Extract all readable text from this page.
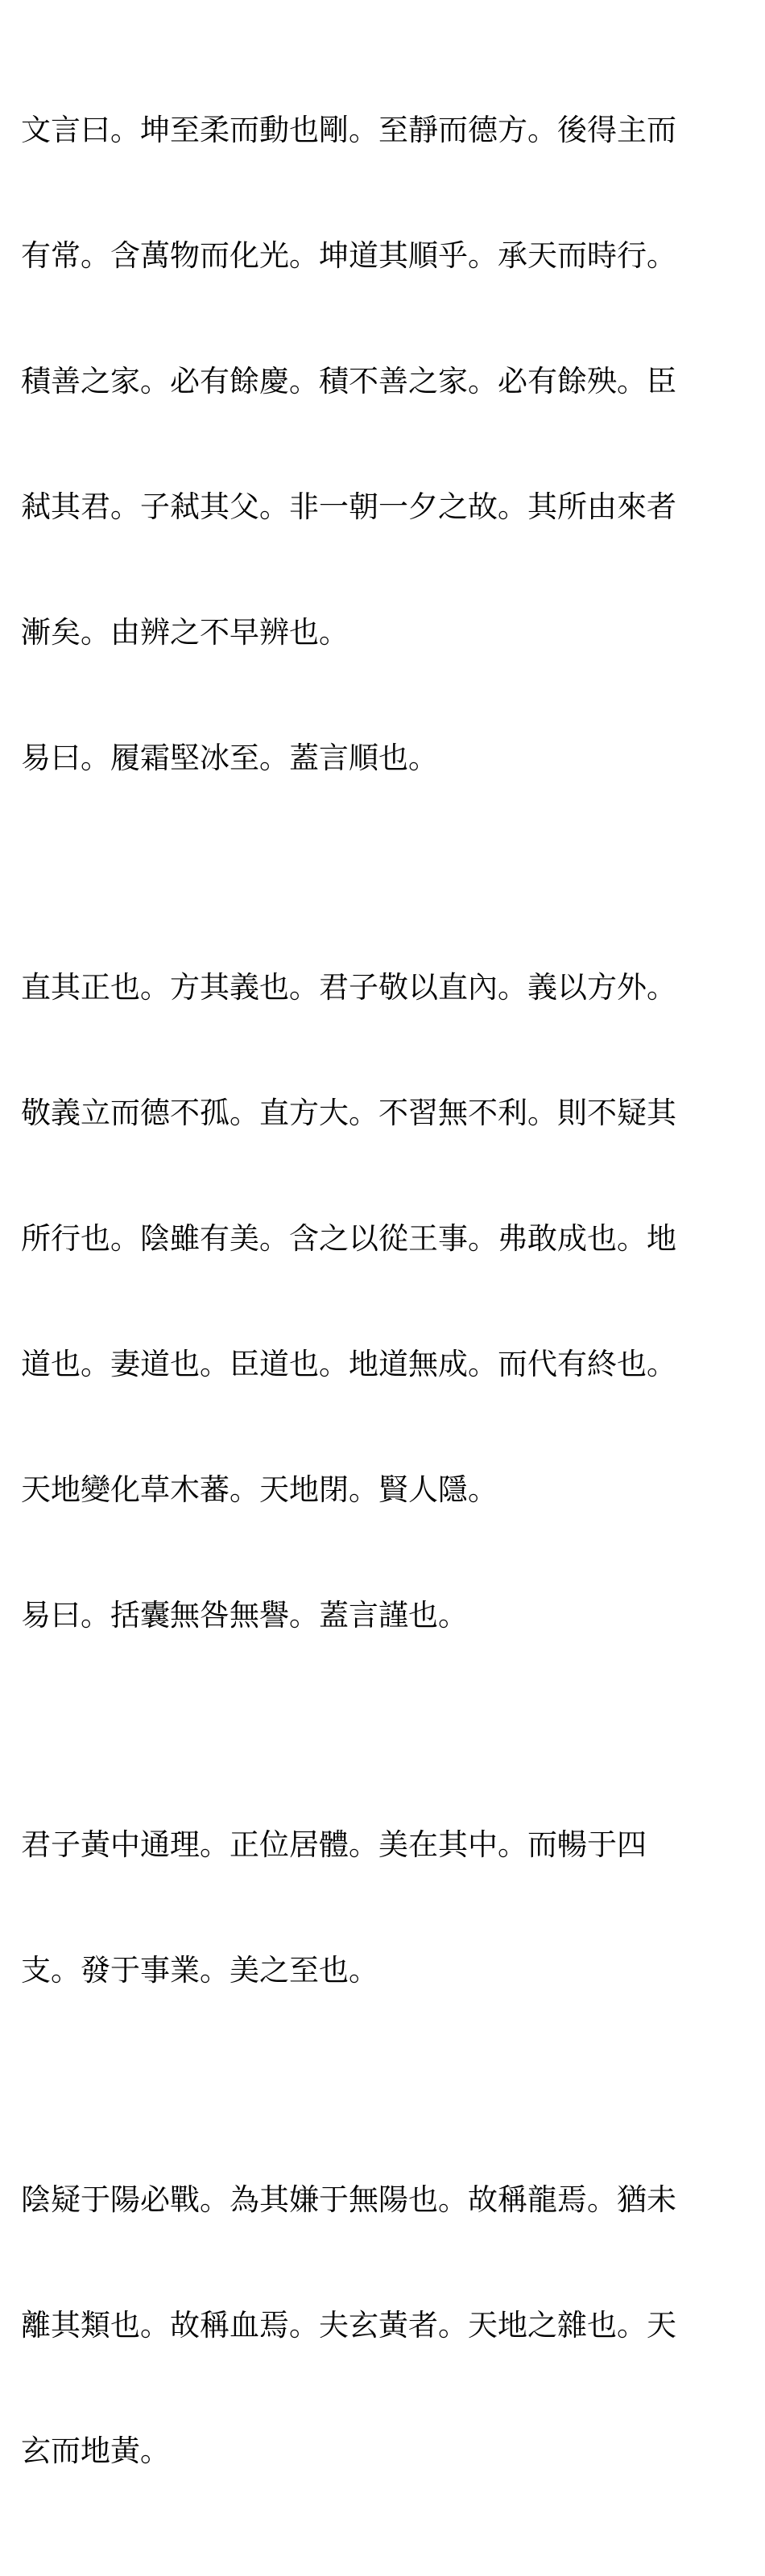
文言曰。坤至柔而動也剛。至靜而德方。後得主而

有常。含萬物而化光。坤道其順乎。承天而時行。

積善之家。必有餘慶。積不善之家。必有餘殃。臣

弒其君。子弒其父。非一朝一夕之故。其所由來者

漸矣。由辨之不早辨也。

易曰。履霜堅冰至。蓋言順也。

直其正也。方其義也。君子敬以直內。義以方外。

敬義立而德不孤。直方大。不習無不利。則不疑其

所行也。陰雖有美。含之以從王事。弗敢成也。地

道也。妻道也。臣道也。地道無成。而代有終也。

天地變化草木蕃。天地閉。賢人隱。

易曰。括囊無咎無譽。蓋言謹也。

君子黃中通理。正位居體。美在其中。而暢于四

支。發于事業。美之至也。

陰疑于陽必戰。為其嫌于無陽也。故稱龍焉。猶未

離其類也。故稱血焉。夫玄黃者。天地之雜也。天

玄而地黃。
